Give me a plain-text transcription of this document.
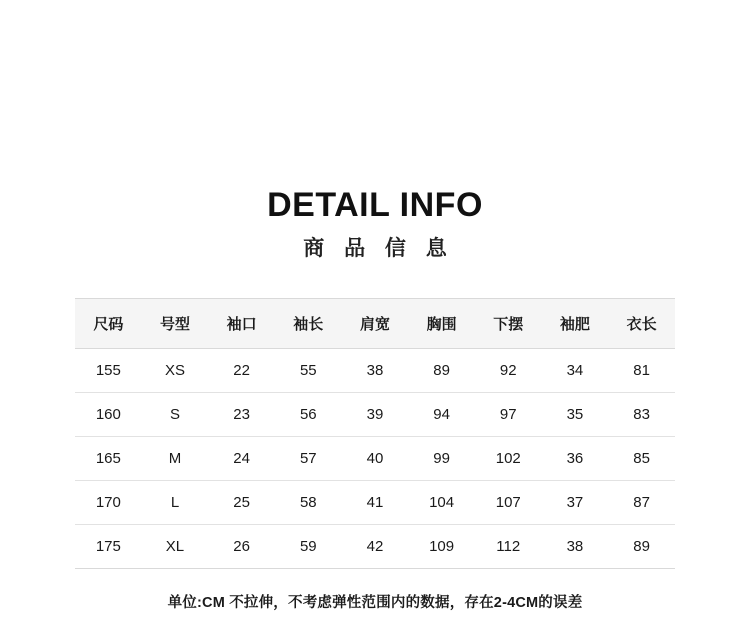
DETAIL INFO
商 品 信 息
尺码	号型	袖口	袖长	肩宽	胸围	下摆	袖肥	衣长
155	XS	22	55	38	89	92	34	81
160	S	23	56	39	94	97	35	83
165	M	24	57	40	99	102	36	85
170	L	25	58	41	104	107	37	87
175	XL	26	59	42	109	112	38	89
单位:CM 不拉伸，不考虑弹性范围内的数据，存在2-4CM的误差
